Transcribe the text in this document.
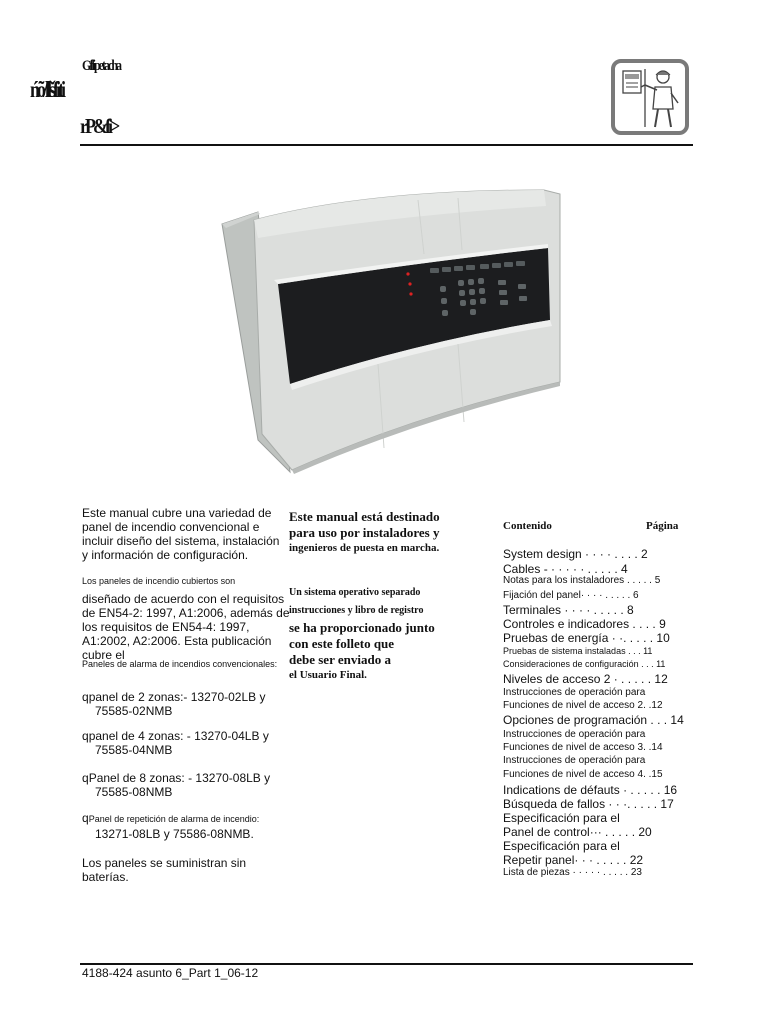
Gflipetacha
ńõ/llšfiti
rP&fi>
Este manual cubre una variedad de panel de incendio convencional e incluir diseño del sistema, instalación y información de configuración.
Los paneles de incendio cubiertos son
diseñado de acuerdo con el requisitos de EN54-2: 1997, A1:2006, además de los requisitos de EN54-4: 1997, A1:2002, A2:2006. Esta publicación cubre el
Paneles de alarma de incendios convencionales:
qpanel de 2 zonas:- 13270-02LB y
75585-02NMB
qpanel de 4 zonas: - 13270-04LB y
75585-04NMB
qPanel de 8 zonas: - 13270-08LB y
75585-08NMB
qPanel de repetición de alarma de incendio:
13271-08LB y 75586-08NMB.
Los paneles se suministran sin baterías.
Este manual está destinado
para uso por instaladores y
ingenieros de puesta en marcha.
Un sistema operativo separado
instrucciones y libro de registro
se ha proporcionado junto
con este folleto que
debe ser enviado a
el Usuario Final.
Contenido	Página
System design · · · · . . . . 2
Cables - · · · · · . . . . . 4
Notas para los instaladores . . . . . 5
Fijación del panel· · · · . . . . . 6
Terminales · · · · . . . . . 8
Controles e indicadores . . . . 9
Pruebas de energía · ·. . . . . 10
Pruebas de sistema instaladas . . . 11
Consideraciones de configuración . . . 11
Niveles de acceso 2 · . . . . . 12
Instrucciones de operación para
Funciones de nivel de acceso 2. .12
Opciones de programación . . . 14
Instrucciones de operación para
Funciones de nivel de acceso 3. .14
Instrucciones de operación para
Funciones de nivel de acceso 4. .15
Indications de défauts · . . . . . 16
Búsqueda de fallos · · ·. . . . . 17
Especificación para el
Panel de control··· . . . . . 20
Especificación para el
Repetir panel· · · . . . . . 22
Lista de piezas · · · · · . . . . . 23
4188-424 asunto 6_Part 1_06-12
